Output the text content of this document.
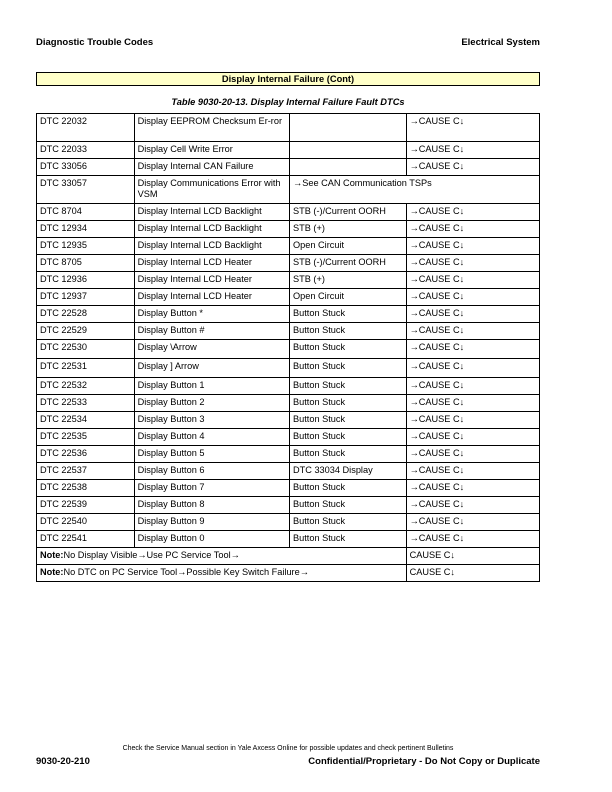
Diagnostic Trouble Codes	Electrical System
Display Internal Failure (Cont)
Table 9030-20-13. Display Internal Failure Fault DTCs
DTC 22032	Display EEPROM Checksum Er-ror		→CAUSE C↓
DTC 22033	Display Cell Write Error		→CAUSE C↓
DTC 33056	Display Internal CAN Failure		→CAUSE C↓
DTC 33057	Display Communications Error with VSM	→See CAN Communication TSPs	
DTC 8704	Display Internal LCD Backlight	STB (-)/Current OORH	→CAUSE C↓
DTC 12934	Display Internal LCD Backlight	STB (+)	→CAUSE C↓
DTC 12935	Display Internal LCD Backlight	Open Circuit	→CAUSE C↓
DTC 8705	Display Internal LCD Heater	STB (-)/Current OORH	→CAUSE C↓
DTC 12936	Display Internal LCD Heater	STB (+)	→CAUSE C↓
DTC 12937	Display Internal LCD Heater	Open Circuit	→CAUSE C↓
DTC 22528	Display Button *	Button Stuck	→CAUSE C↓
DTC 22529	Display Button #	Button Stuck	→CAUSE C↓
DTC 22530	Display \Arrow	Button Stuck	→CAUSE C↓
DTC 22531	Display ] Arrow	Button Stuck	→CAUSE C↓
DTC 22532	Display Button 1	Button Stuck	→CAUSE C↓
DTC 22533	Display Button 2	Button Stuck	→CAUSE C↓
DTC 22534	Display Button 3	Button Stuck	→CAUSE C↓
DTC 22535	Display Button 4	Button Stuck	→CAUSE C↓
DTC 22536	Display Button 5	Button Stuck	→CAUSE C↓
DTC 22537	Display Button 6	DTC 33034 Display	→CAUSE C↓
DTC 22538	Display Button 7	Button Stuck	→CAUSE C↓
DTC 22539	Display Button 8	Button Stuck	→CAUSE C↓
DTC 22540	Display Button 9	Button Stuck	→CAUSE C↓
DTC 22541	Display Button 0	Button Stuck	→CAUSE C↓
Note:No Display Visible→Use PC Service Tool→			CAUSE C↓
Note:No DTC on PC Service Tool→Possible Key Switch Failure→			CAUSE C↓
Check the Service Manual section in Yale Axcess Online for possible updates and check pertinent Bulletins
9030-20-210	Confidential/Proprietary - Do Not Copy or Duplicate
